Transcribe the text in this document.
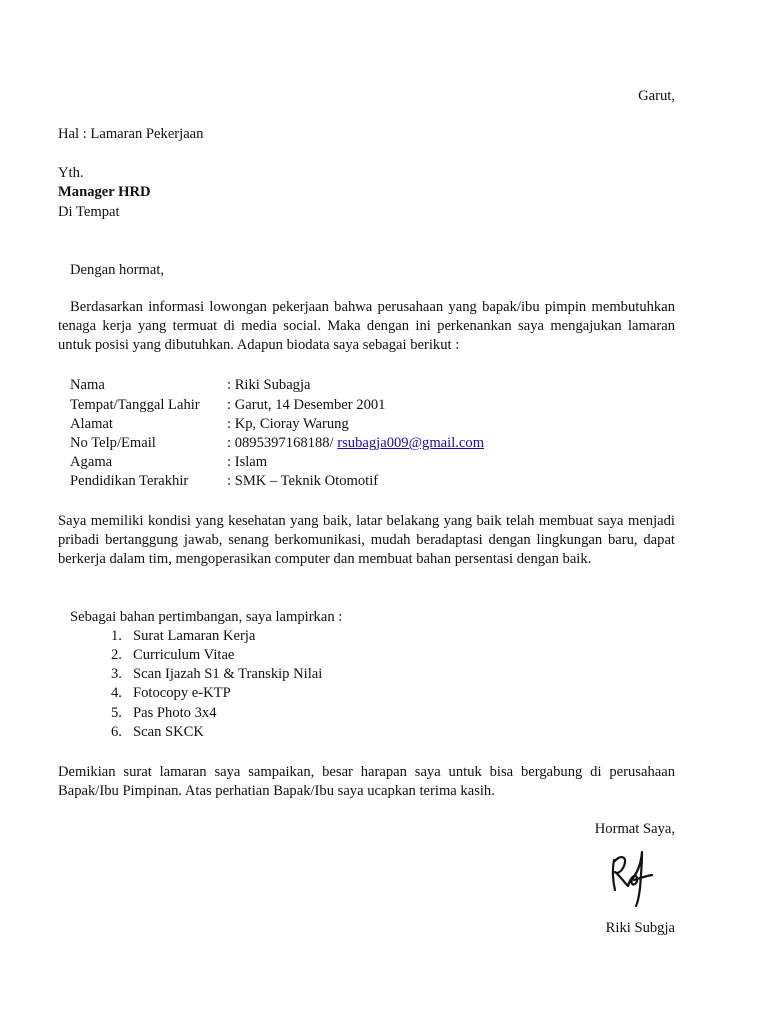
Garut,
Hal : Lamaran Pekerjaan
Yth.
Manager HRD
Di Tempat
Dengan hormat,
Berdasarkan informasi lowongan pekerjaan bahwa perusahaan yang bapak/ibu pimpin membutuhkan tenaga kerja yang termuat di media social. Maka dengan ini perkenankan saya mengajukan lamaran untuk posisi yang dibutuhkan. Adapun biodata saya sebagai berikut :
Nama	: Riki Subagja
Tempat/Tanggal Lahir : Garut, 14 Desember 2001
Alamat	: Kp, Cioray Warung
No Telp/Email	: 0895397168188/ rsubagja009@gmail.com
Agama	: Islam
Pendidikan Terakhir	: SMK – Teknik Otomotif
Saya memiliki kondisi yang kesehatan yang baik, latar belakang yang baik telah membuat saya menjadi pribadi bertanggung jawab, senang berkomunikasi, mudah beradaptasi dengan lingkungan baru, dapat berkerja dalam tim, mengoperasikan computer dan membuat bahan persentasi dengan baik.
Sebagai bahan pertimbangan, saya lampirkan :
1. Surat Lamaran Kerja
2. Curriculum Vitae
3. Scan Ijazah S1 & Transkip Nilai
4. Fotocopy e-KTP
5. Pas Photo 3x4
6. Scan SKCK
Demikian surat lamaran saya sampaikan, besar harapan saya untuk bisa bergabung di perusahaan Bapak/Ibu Pimpinan. Atas perhatian Bapak/Ibu saya ucapkan terima kasih.
Hormat Saya,
Riki Subgja
